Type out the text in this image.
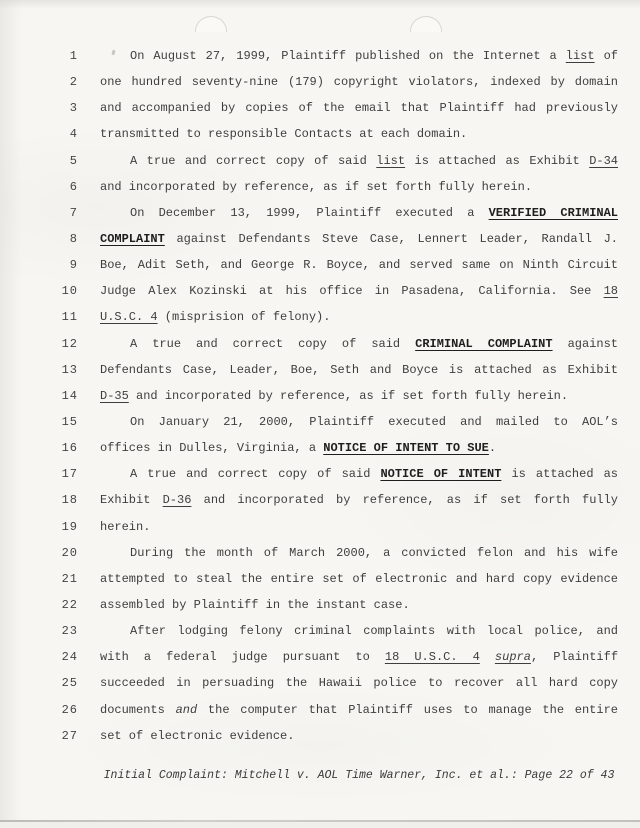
1	On August 27, 1999, Plaintiff published on the Internet a list of
2 one hundred seventy-nine (179) copyright violators, indexed by domain
3 and accompanied by copies of the email that Plaintiff had previously
4 transmitted to responsible Contacts at each domain.
5	A true and correct copy of said list is attached as Exhibit D-34
6 and incorporated by reference, as if set forth fully herein.
7	On December 13, 1999, Plaintiff executed a VERIFIED CRIMINAL
8 COMPLAINT against Defendants Steve Case, Lennert Leader, Randall J.
9 Boe, Adit Seth, and George R. Boyce, and served same on Ninth Circuit
10 Judge Alex Kozinski at his office in Pasadena, California. See 18
11 U.S.C. 4 (misprision of felony).
12	A true and correct copy of said CRIMINAL COMPLAINT against
13 Defendants Case, Leader, Boe, Seth and Boyce is attached as Exhibit
14 D-35 and incorporated by reference, as if set forth fully herein.
15	On January 21, 2000, Plaintiff executed and mailed to AOL’s
16 offices in Dulles, Virginia, a NOTICE OF INTENT TO SUE.
17	A true and correct copy of said NOTICE OF INTENT is attached as
18 Exhibit D-36 and incorporated by reference, as if set forth fully
19 herein.
20	During the month of March 2000, a convicted felon and his wife
21 attempted to steal the entire set of electronic and hard copy evidence
22 assembled by Plaintiff in the instant case.
23	After lodging felony criminal complaints with local police, and
24 with a federal judge pursuant to 18 U.S.C. 4 supra, Plaintiff
25 succeeded in persuading the Hawaii police to recover all hard copy
26 documents and the computer that Plaintiff uses to manage the entire
27 set of electronic evidence.
Initial Complaint: Mitchell v. AOL Time Warner, Inc. et al.: Page 22 of 43
